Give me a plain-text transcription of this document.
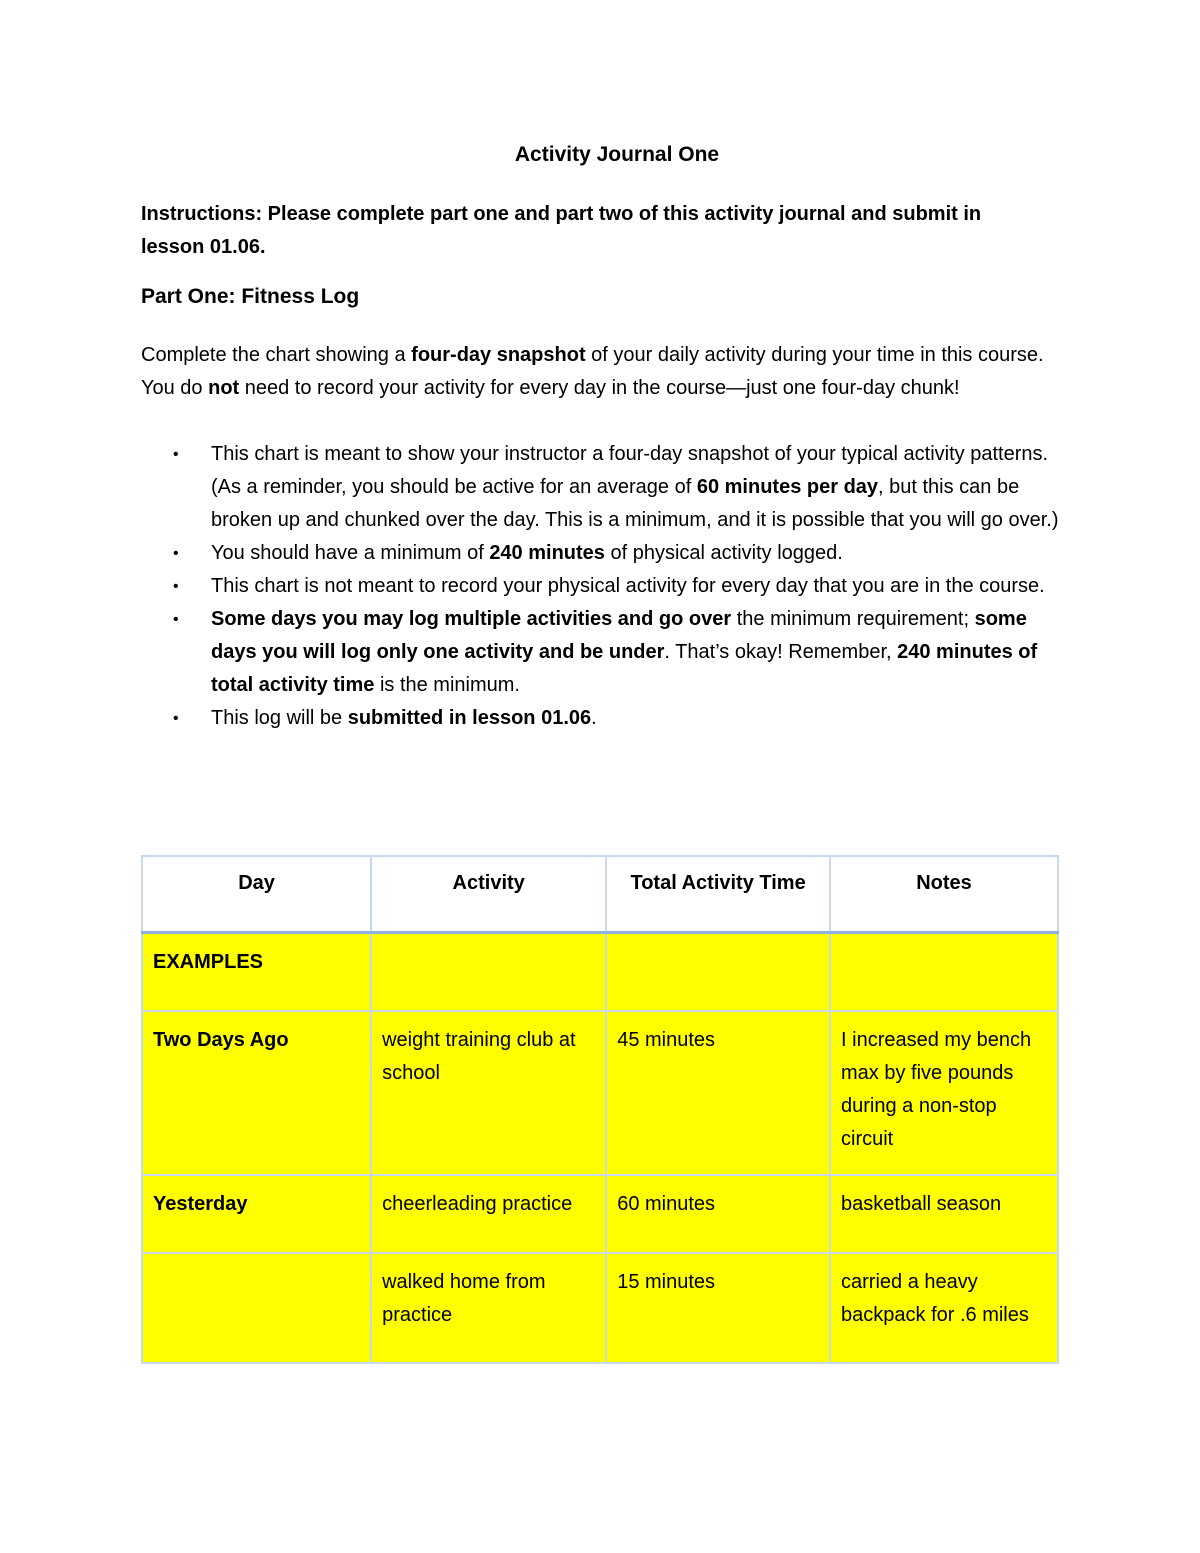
Activity Journal One
Instructions: Please complete part one and part two of this activity journal and submit in lesson 01.06.
Part One: Fitness Log
Complete the chart showing a four-day snapshot of your daily activity during your time in this course. You do not need to record your activity for every day in the course—just one four-day chunk!
• This chart is meant to show your instructor a four-day snapshot of your typical activity patterns. (As a reminder, you should be active for an average of 60 minutes per day, but this can be broken up and chunked over the day. This is a minimum, and it is possible that you will go over.)
• You should have a minimum of 240 minutes of physical activity logged.
• This chart is not meant to record your physical activity for every day that you are in the course.
• Some days you may log multiple activities and go over the minimum requirement; some days you will log only one activity and be under. That’s okay! Remember, 240 minutes of total activity time is the minimum.
• This log will be submitted in lesson 01.06.
Day	Activity	Total Activity Time	Notes
EXAMPLES			
Two Days Ago	weight training club at school	45 minutes	I increased my bench max by five pounds during a non-stop circuit
Yesterday	cheerleading practice	60 minutes	basketball season
	walked home from practice	15 minutes	carried a heavy backpack for .6 miles
